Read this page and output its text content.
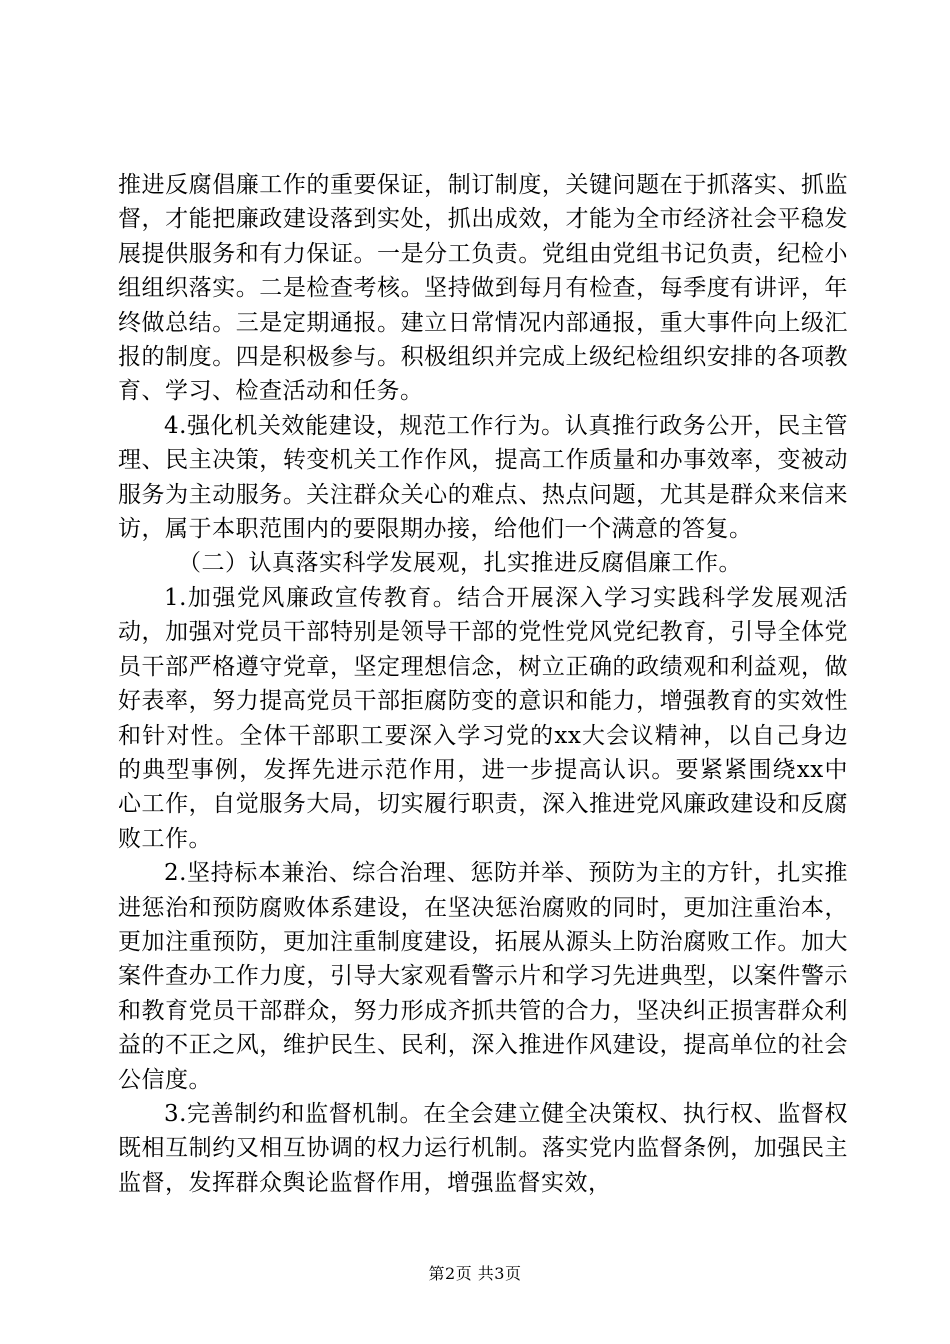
推进反腐倡廉工作的重要保证，制订制度，关键问题在于抓落实、抓监督，才能把廉政建设落到实处，抓出成效，才能为全市经济社会平稳发展提供服务和有力保证。一是分工负责。党组由党组书记负责，纪检小组组织落实。二是检查考核。坚持做到每月有检查，每季度有讲评，年终做总结。三是定期通报。建立日常情况内部通报，重大事件向上级汇报的制度。四是积极参与。积极组织并完成上级纪检组织安排的各项教育、学习、检查活动和任务。

4.强化机关效能建设，规范工作行为。认真推行政务公开，民主管理、民主决策，转变机关工作作风，提高工作质量和办事效率，变被动服务为主动服务。关注群众关心的难点、热点问题，尤其是群众来信来访，属于本职范围内的要限期办接，给他们一个满意的答复。

（二）认真落实科学发展观，扎实推进反腐倡廉工作。

1.加强党风廉政宣传教育。结合开展深入学习实践科学发展观活动，加强对党员干部特别是领导干部的党性党风党纪教育，引导全体党员干部严格遵守党章，坚定理想信念，树立正确的政绩观和利益观，做好表率，努力提高党员干部拒腐防变的意识和能力，增强教育的实效性和针对性。全体干部职工要深入学习党的xx大会议精神，以自己身边的典型事例，发挥先进示范作用，进一步提高认识。要紧紧围绕xx中心工作，自觉服务大局，切实履行职责，深入推进党风廉政建设和反腐败工作。

2.坚持标本兼治、综合治理、惩防并举、预防为主的方针，扎实推进惩治和预防腐败体系建设，在坚决惩治腐败的同时，更加注重治本，更加注重预防，更加注重制度建设，拓展从源头上防治腐败工作。加大案件查办工作力度，引导大家观看警示片和学习先进典型，以案件警示和教育党员干部群众，努力形成齐抓共管的合力，坚决纠正损害群众利益的不正之风，维护民生、民利，深入推进作风建设，提高单位的社会公信度。

3.完善制约和监督机制。在全会建立健全决策权、执行权、监督权既相互制约又相互协调的权力运行机制。落实党内监督条例，加强民主监督，发挥群众舆论监督作用，增强监督实效，

第2页 共3页
